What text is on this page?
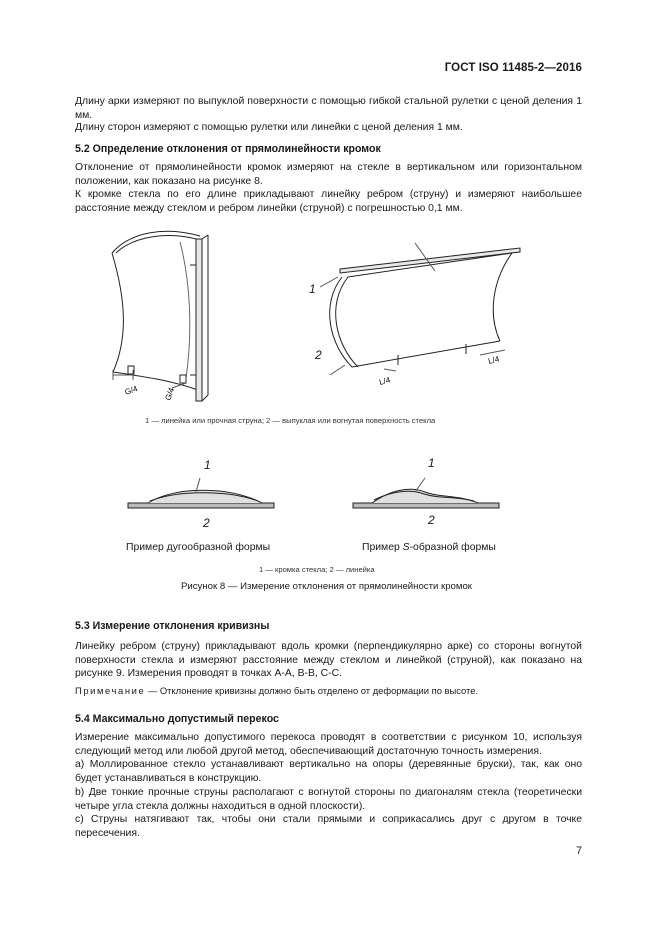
ГОСТ ISO 11485-2—2016
Длину арки измеряют по выпуклой поверхности с помощью гибкой стальной рулетки с ценой деления 1 мм.
Длину сторон измеряют с помощью рулетки или линейки с ценой деления 1 мм.
5.2 Определение отклонения от прямолинейности кромок
Отклонение от прямолинейности кромок измеряют на стекле в вертикальном или горизонтальном положении, как показано на рисунке 8.
К кромке стекла по его длине прикладывают линейку ребром (струну) и измеряют наибольшее расстояние между стеклом и ребром линейки (струной) с погрешностью 0,1 мм.
G/4	G/4
L/4
L/4
1
2
1 — линейка или прочная струна; 2 — выпуклая или вогнутая поверхность стекла
1
2
1
2
Пример дугообразной формы	Пример S-образной формы
1 — кромка стекла; 2 — линейка
Рисунок 8 — Измерение отклонения от прямолинейности кромок
5.3 Измерение отклонения кривизны
Линейку ребром (струну) прикладывают вдоль кромки (перпендикулярно арке) со стороны вогнутой поверхности стекла и измеряют расстояние между стеклом и линейкой (струной), как показано на рисунке 9. Измерения проводят в точках А-А, В-В, С-С.
Примечание — Отклонение кривизны должно быть отделено от деформации по высоте.
5.4 Максимально допустимый перекос
Измерение максимально допустимого перекоса проводят в соответствии с рисунком 10, используя следующий метод или любой другой метод, обеспечивающий достаточную точность измерения.
а) Моллированное стекло устанавливают вертикально на опоры (деревянные бруски), так, как оно будет устанавливаться в конструкцию.
b) Две тонкие прочные струны располагают с вогнутой стороны по диагоналям стекла (теоретически четыре угла стекла должны находиться в одной плоскости).
с) Струны натягивают так, чтобы они стали прямыми и соприкасались друг с другом в точке пересечения.
7
